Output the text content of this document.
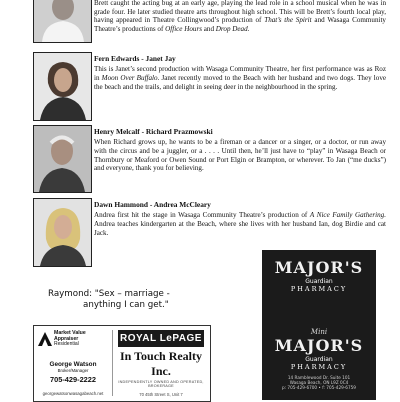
Brett caught the acting bug at an early age, playing the lead role in a school musical when he was in grade four. He later studied theatre arts throughout high school. This will be Brett’s fourth local play, having appeared in Theatre Collingwood’s production of That’s the Spirit and Wasaga Community Theatre’s productions of Office Hours and Drop Dead.

Fern Edwards - Janet Jay

This is Janet’s second production with Wasaga Community Theatre, her first performance was as Roz in Moon Over Buffalo. Janet recently moved to the Beach with her husband and two dogs. They love the beach and the trails, and delight in seeing deer in the neighbourhood in the spring.

Henry Melcalf - Richard Prazmowski

When Richard grows up, he wants to be a fireman or a dancer or a singer, or a doctor, or run away with the circus and be a juggler, or a . . . . Until then, he’ll just have to “play” in Wasaga Beach or Thornbury or Meaford or Owen Sound or Port Elgin or Brampton, or wherever. To Jan (“me ducks”) and everyone, thank you for believing.

Dawn Hammond - Andrea McCleary

Andrea first hit the stage in Wasaga Community Theatre’s production of A Nice Family Gathering. Andrea teaches kindergarten at the Beach, where she lives with her husband Ian, dog Birdie and cat Jack.

Raymond: "Sex – marriage -
anything I can get."
MAJOR'S
Guardian
PHARMACY
Mini
MAJOR'S
Guardian
PHARMACY
14 Ramblewood Dr. Suite 101
Wasaga Beach, ON L9Z 0C4
p: 705-429-6700 • f: 705-429-6759
Market Value
Appraiser
Residential
George Watson
Broker/Manager
705-429-2222
georgewatsonwasagabeach.net
ROYAL LePAGE
In Touch Realty Inc.
INDEPENDENTLY OWNED AND OPERATED, BROKERAGE
70 45th Street S, Unit 7
